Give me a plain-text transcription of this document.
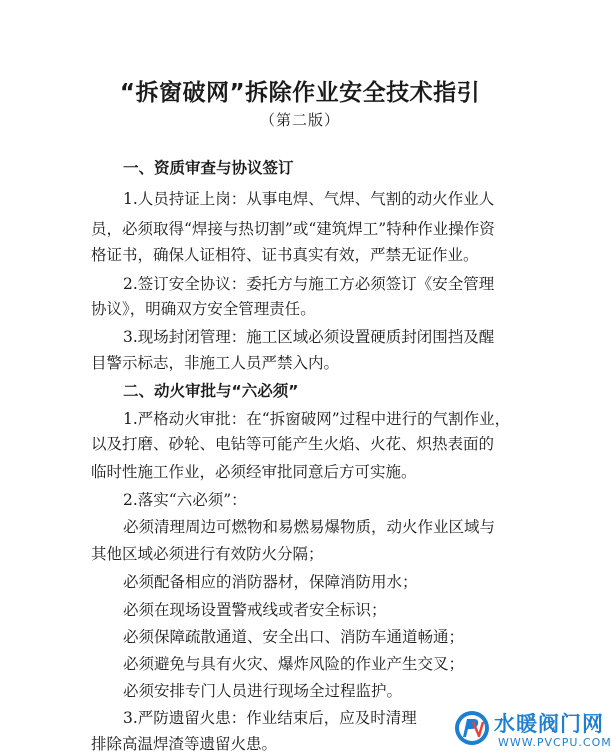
“拆窗破网”拆除作业安全技术指引
（第二版）
一、资质审查与协议签订
1.人员持证上岗：从事电焊、气焊、气割的动火作业人
员，必须取得“焊接与热切割”或“建筑焊工”特种作业操作资
格证书，确保人证相符、证书真实有效，严禁无证作业。
2.签订安全协议：委托方与施工方必须签订《安全管理
协议》，明确双方安全管理责任。
3.现场封闭管理：施工区域必须设置硬质封闭围挡及醒
目警示标志，非施工人员严禁入内。
二、动火审批与“六必须”
1.严格动火审批：在“拆窗破网”过程中进行的气割作业，
以及打磨、砂轮、电钻等可能产生火焰、火花、炽热表面的
临时性施工作业，必须经审批同意后方可实施。
2.落实“六必须”：
必须清理周边可燃物和易燃易爆物质，动火作业区域与
其他区域必须进行有效防火分隔；
必须配备相应的消防器材，保障消防用水；
必须在现场设置警戒线或者安全标识；
必须保障疏散通道、安全出口、消防车通道畅通；
必须避免与具有火灾、爆炸风险的作业产生交叉；
必须安排专门人员进行现场全过程监护。
3.严防遗留火患：作业结束后，应及时清理
排除高温焊渣等遗留火患。
水暖阀门网
WWW.PVCPU.COM
